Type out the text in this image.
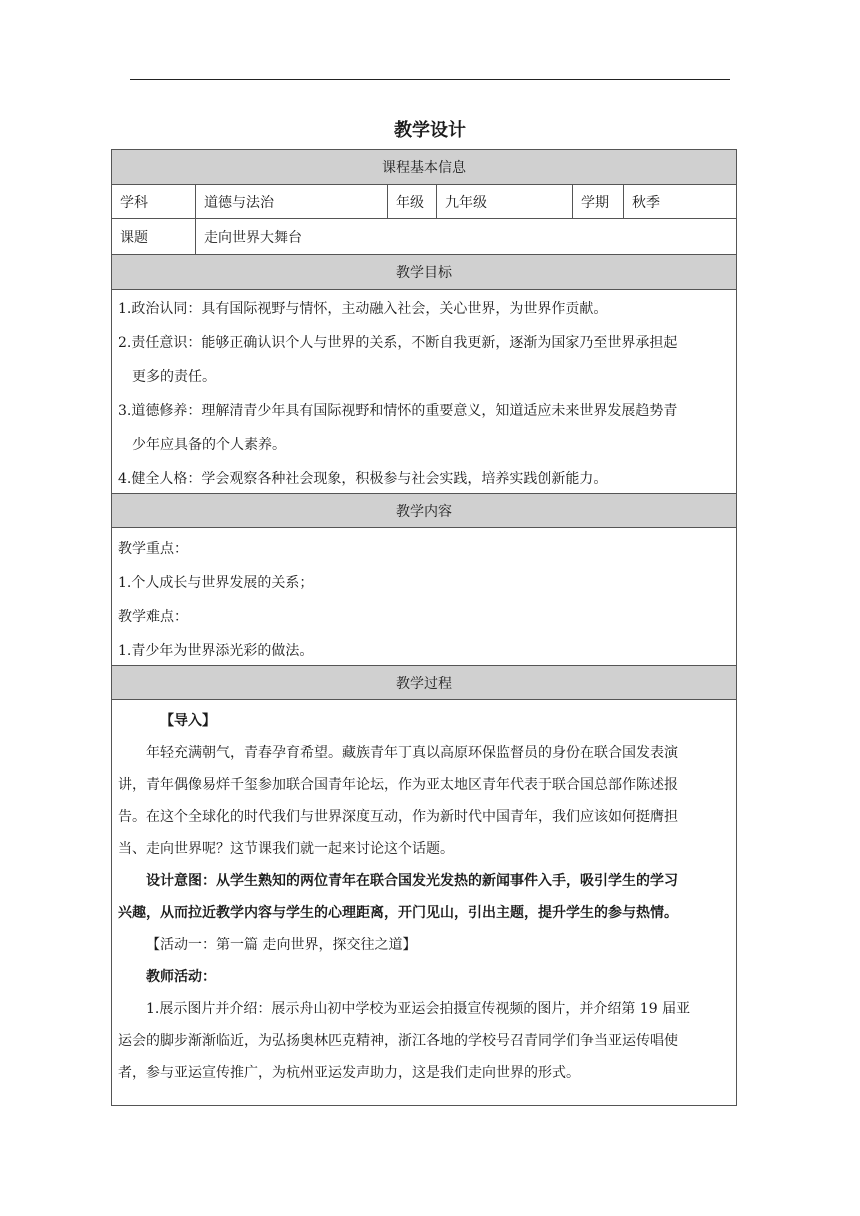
教学设计
课程基本信息
学科	道德与法治	年级	九年级	学期	秋季
课题	走向世界大舞台
教学目标
1.政治认同：具有国际视野与情怀，主动融入社会，关心世界，为世界作贡献。
2.责任意识：能够正确认识个人与世界的关系，不断自我更新，逐渐为国家乃至世界承担起
更多的责任。
3.道德修养：理解清青少年具有国际视野和情怀的重要意义，知道适应未来世界发展趋势青
少年应具备的个人素养。
4.健全人格：学会观察各种社会现象，积极参与社会实践，培养实践创新能力。
教学内容
教学重点：
1.个人成长与世界发展的关系；
教学难点：
1.青少年为世界添光彩的做法。
教学过程
【导入】
年轻充满朝气，青春孕育希望。藏族青年丁真以高原环保监督员的身份在联合国发表演
讲，青年偶像易烊千玺参加联合国青年论坛，作为亚太地区青年代表于联合国总部作陈述报
告。在这个全球化的时代我们与世界深度互动，作为新时代中国青年，我们应该如何挺膺担
当、走向世界呢？这节课我们就一起来讨论这个话题。
设计意图：从学生熟知的两位青年在联合国发光发热的新闻事件入手，吸引学生的学习
兴趣，从而拉近教学内容与学生的心理距离，开门见山，引出主题，提升学生的参与热情。
【活动一：第一篇 走向世界，探交往之道】
教师活动：
1.展示图片并介绍：展示舟山初中学校为亚运会拍摄宣传视频的图片，并介绍第 19 届亚
运会的脚步渐渐临近，为弘扬奥林匹克精神，浙江各地的学校号召青同学们争当亚运传唱使
者，参与亚运宣传推广，为杭州亚运发声助力，这是我们走向世界的形式。
